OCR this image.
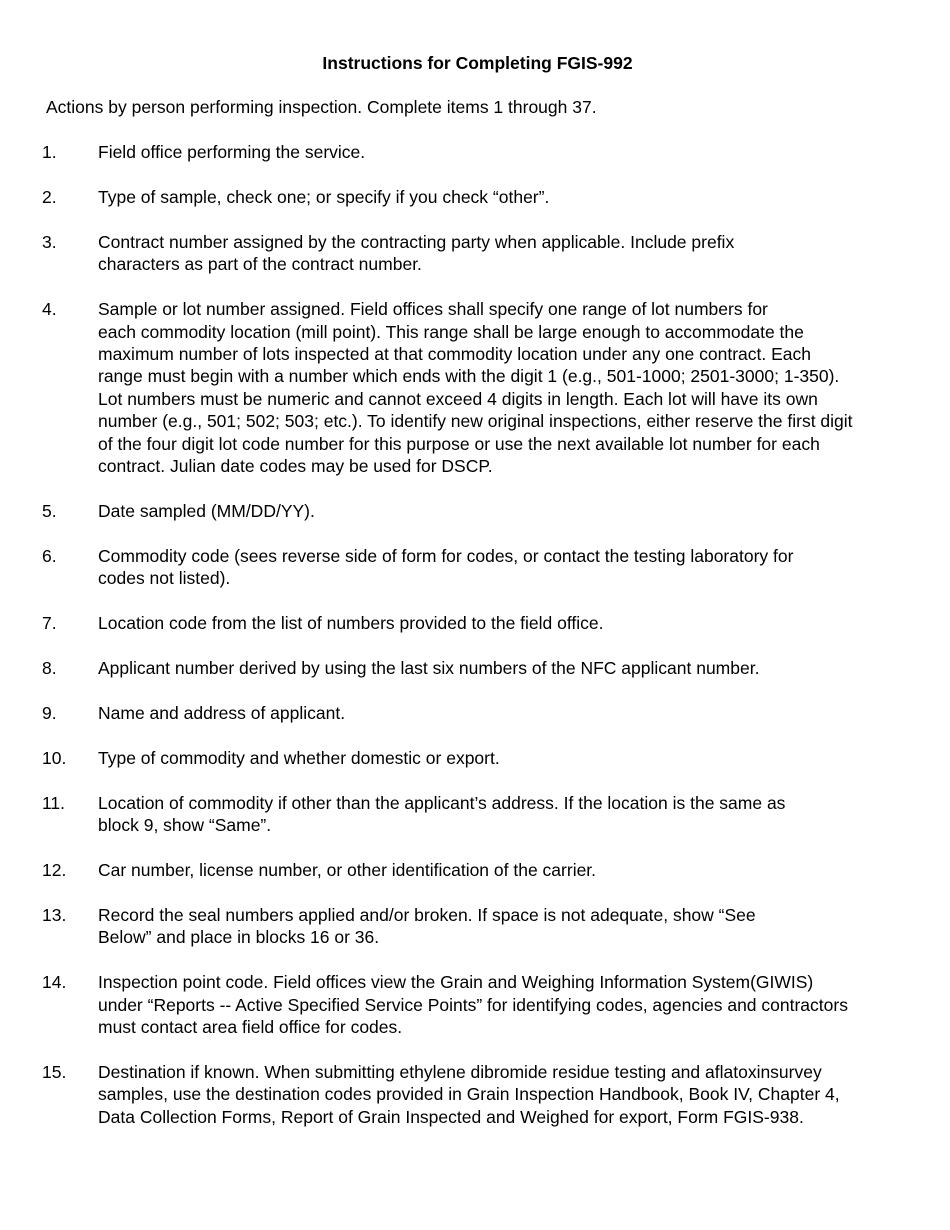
Instructions for Completing FGIS-992

Actions by person performing inspection. Complete items 1 through 37.

1.	Field office performing the service.
2.	Type of sample, check one; or specify if you check “other”.
3.	Contract number assigned by the contracting party when applicable. Include prefix
characters as part of the contract number.
4.	Sample or lot number assigned. Field offices shall specify one range of lot numbers for
each commodity location (mill point). This range shall be large enough to accommodate the
maximum number of lots inspected at that commodity location under any one contract. Each
range must begin with a number which ends with the digit 1 (e.g., 501-1000; 2501-3000; 1-350).
Lot numbers must be numeric and cannot exceed 4 digits in length. Each lot will have its own
number (e.g., 501; 502; 503; etc.). To identify new original inspections, either reserve the first digit
of the four digit lot code number for this purpose or use the next available lot number for each
contract. Julian date codes may be used for DSCP.
5.	Date sampled (MM/DD/YY).
6.	Commodity code (sees reverse side of form for codes, or contact the testing laboratory for
codes not listed).
7.	Location code from the list of numbers provided to the field office.
8.	Applicant number derived by using the last six numbers of the NFC applicant number.
9.	Name and address of applicant.
10.	Type of commodity and whether domestic or export.
11.	Location of commodity if other than the applicant’s address. If the location is the same as
block 9, show “Same”.
12.	Car number, license number, or other identification of the carrier.
13.	Record the seal numbers applied and/or broken. If space is not adequate, show “See
Below” and place in blocks 16 or 36.
14.	Inspection point code. Field offices view the Grain and Weighing Information System(GIWIS)
under “Reports -- Active Specified Service Points” for identifying codes, agencies and contractors
must contact area field office for codes.
15.	Destination if known. When submitting ethylene dibromide residue testing and aflatoxinsurvey
samples, use the destination codes provided in Grain Inspection Handbook, Book IV, Chapter 4,
Data Collection Forms, Report of Grain Inspected and Weighed for export, Form FGIS-938.
